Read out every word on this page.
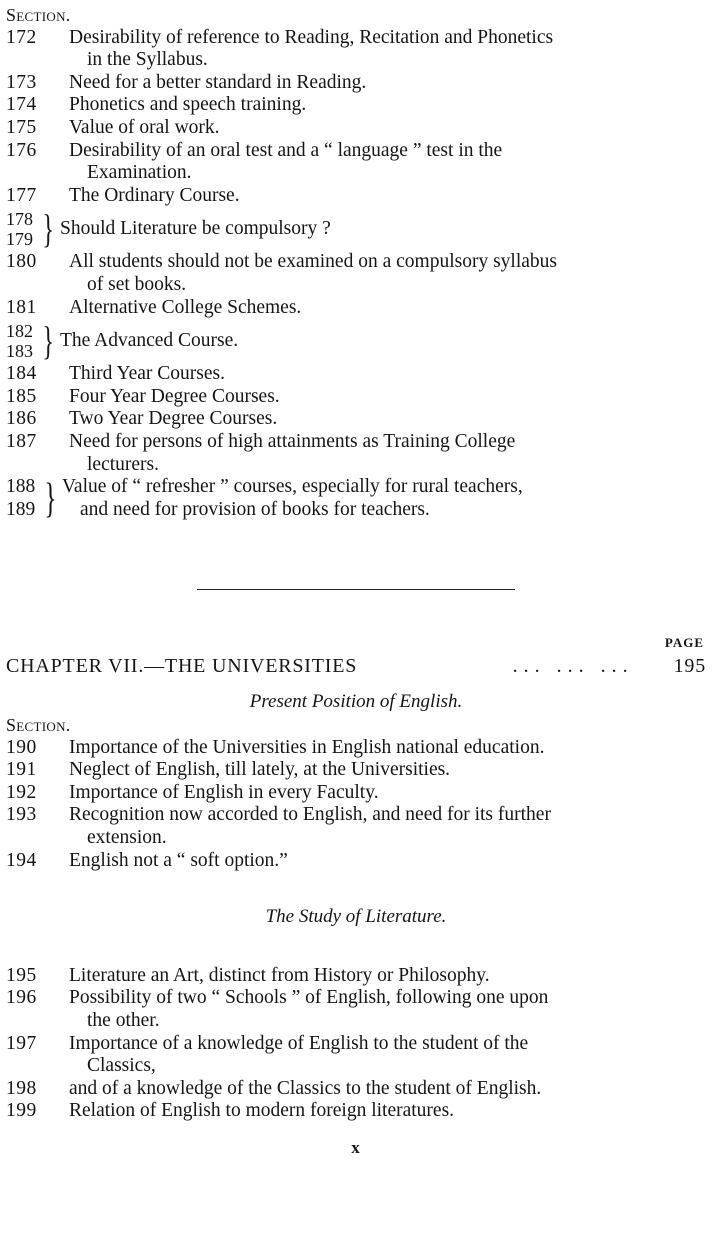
Section.
172	Desirability of reference to Reading, Recitation and Phonetics
in the Syllabus.
173	Need for a better standard in Reading.
174	Phonetics and speech training.
175	Value of oral work.
176	Desirability of an oral test and a “ language ” test in the
Examination.
177	The Ordinary Course.
178
179 } Should Literature be compulsory ?
180	All students should not be examined on a compulsory syllabus
of set books.
181	Alternative College Schemes.
182
183 } The Advanced Course.
184	Third Year Courses.
185	Four Year Degree Courses.
186	Two Year Degree Courses.
187	Need for persons of high attainments as Training College
lecturers.
188
189 } Value of “ refresher ” courses, especially for rural teachers,
and need for provision of books for teachers.
PAGE
CHAPTER VII.—THE UNIVERSITIES	... ... ... 195
Present Position of English.
Section.
190	Importance of the Universities in English national education.
191	Neglect of English, till lately, at the Universities.
192	Importance of English in every Faculty.
193	Recognition now accorded to English, and need for its further
extension.
194	English not a “ soft option.”
The Study of Literature.
195	Literature an Art, distinct from History or Philosophy.
196	Possibility of two “ Schools ” of English, following one upon
the other.
197	Importance of a knowledge of English to the student of the
Classics,
198	and of a knowledge of the Classics to the student of English.
199	Relation of English to modern foreign literatures.
x
